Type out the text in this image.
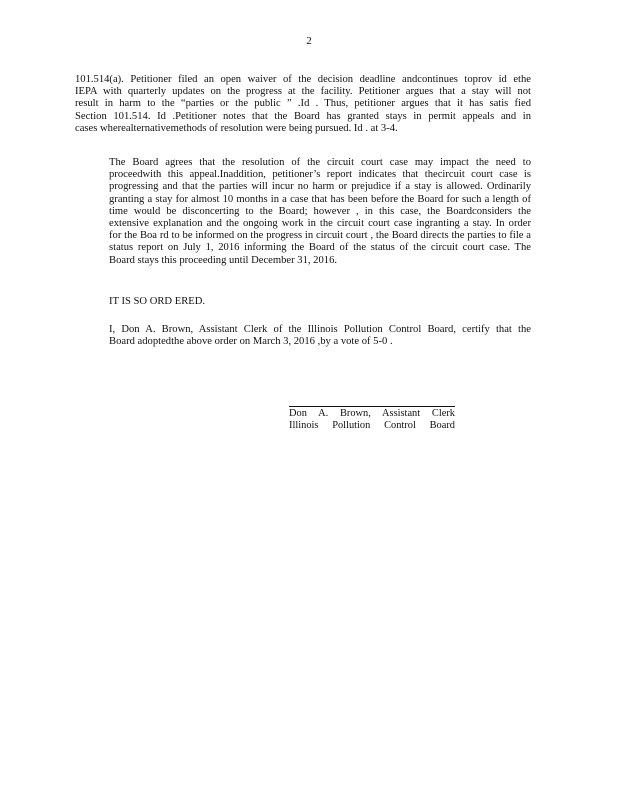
2
101.514(a). Petitioner filed an open waiver of the decision deadline andcontinues toprov id ethe
IEPA with quarterly updates on the progress at the facility. Petitioner argues that a stay will not
result in harm to the “parties or the public ” .Id . Thus, petitioner argues that it has satis fied
Section 101.514. Id .Petitioner notes that the Board has granted stays in permit appeals and in
cases wherealternativemethods of resolution were being pursued. Id . at 3-4.
The Board agrees that the resolution of the circuit court case may impact the need to
proceedwith this appeal.Inaddition, petitioner’s report indicates that thecircuit court case is
progressing and that the parties will incur no harm or prejudice if a stay is allowed. Ordinarily
granting a stay for almost 10 months in a case that has been before the Board for such a length of
time would be disconcerting to the Board; however , in this case, the Boardconsiders the
extensive explanation and the ongoing work in the circuit court case ingranting a stay. In order
for the Boa rd to be informed on the progress in circuit court , the Board directs the parties to file a
status report on July 1, 2016 informing the Board of the status of the circuit court case. The
Board stays this proceeding until December 31, 2016.
IT IS SO ORD ERED.
I, Don A. Brown, Assistant Clerk of the Illinois Pollution Control Board, certify that the
Board adoptedthe above order on March 3, 2016 ,by a vote of 5-0 .
Don A. Brown, Assistant Clerk
Illinois Pollution Control Board
